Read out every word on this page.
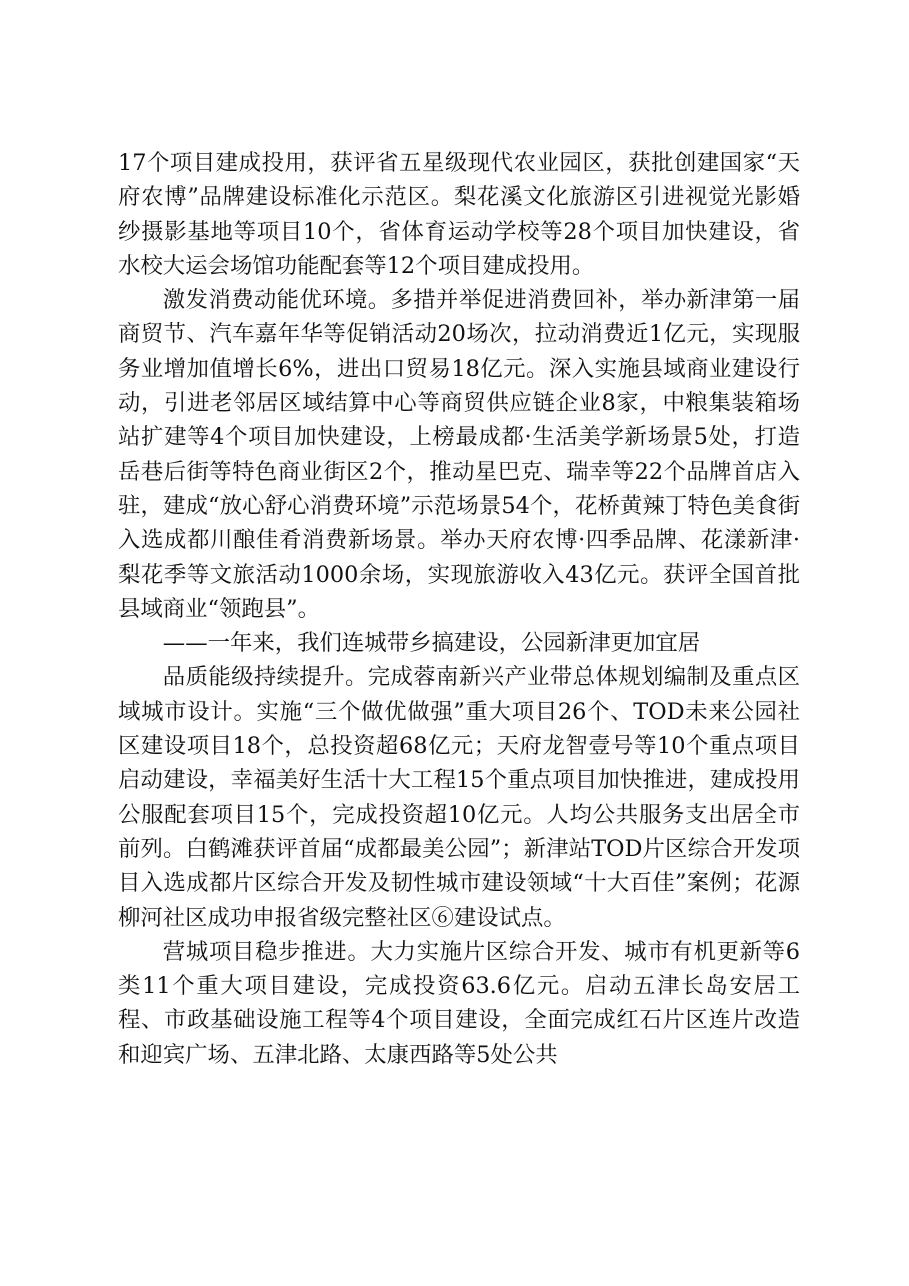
17个项目建成投用，获评省五星级现代农业园区，获批创建国家“天府农博”品牌建设标准化示范区。梨花溪文化旅游区引进视觉光影婚纱摄影基地等项目10个，省体育运动学校等28个项目加快建设，省水校大运会场馆功能配套等12个项目建成投用。

激发消费动能优环境。多措并举促进消费回补，举办新津第一届商贸节、汽车嘉年华等促销活动20场次，拉动消费近1亿元，实现服务业增加值增长6%，进出口贸易18亿元。深入实施县域商业建设行动，引进老邻居区域结算中心等商贸供应链企业8家，中粮集装箱场站扩建等4个项目加快建设，上榜最成都·生活美学新场景5处，打造岳巷后街等特色商业街区2个，推动星巴克、瑞幸等22个品牌首店入驻，建成“放心舒心消费环境”示范场景54个，花桥黄辣丁特色美食街入选成都川酿佳肴消费新场景。举办天府农博·四季品牌、花漾新津·梨花季等文旅活动1000余场，实现旅游收入43亿元。获评全国首批县域商业“领跑县”。

——一年来，我们连城带乡搞建设，公园新津更加宜居

品质能级持续提升。完成蓉南新兴产业带总体规划编制及重点区域城市设计。实施“三个做优做强”重大项目26个、TOD未来公园社区建设项目18个，总投资超68亿元；天府龙智壹号等10个重点项目启动建设，幸福美好生活十大工程15个重点项目加快推进，建成投用公服配套项目15个，完成投资超10亿元。人均公共服务支出居全市前列。白鹤滩获评首届“成都最美公园”；新津站TOD片区综合开发项目入选成都片区综合开发及韧性城市建设领域“十大百佳”案例；花源柳河社区成功申报省级完整社区⑥建设试点。

营城项目稳步推进。大力实施片区综合开发、城市有机更新等6类11个重大项目建设，完成投资63.6亿元。启动五津长岛安居工程、市政基础设施工程等4个项目建设，全面完成红石片区连片改造和迎宾广场、五津北路、太康西路等5处公共
